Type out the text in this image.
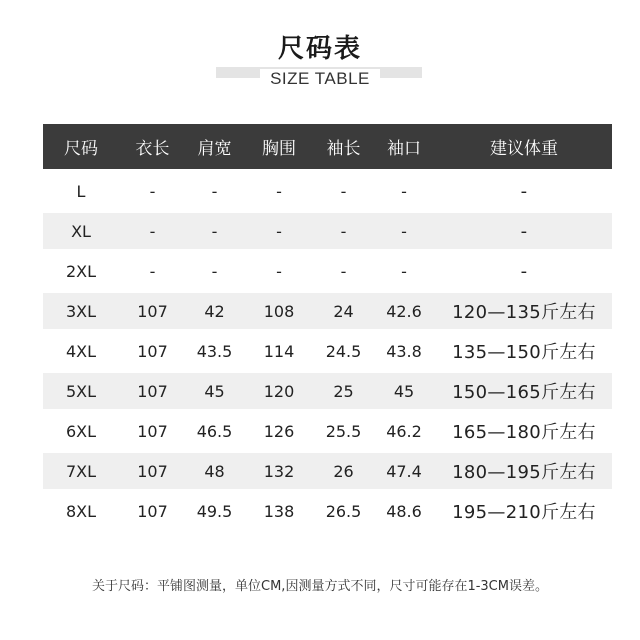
尺码表
SIZE TABLE
尺码	衣长	肩宽	胸围	袖长	袖口	建议体重
L	-	-	-	-	-	-
XL	-	-	-	-	-	-
2XL	-	-	-	-	-	-
3XL	107	42	108	24	42.6	120—135斤左右
4XL	107	43.5	114	24.5	43.8	135—150斤左右
5XL	107	45	120	25	45	150—165斤左右
6XL	107	46.5	126	25.5	46.2	165—180斤左右
7XL	107	48	132	26	47.4	180—195斤左右
8XL	107	49.5	138	26.5	48.6	195—210斤左右
关于尺码：平铺图测量，单位CM,因测量方式不同，尺寸可能存在1-3CM误差。
